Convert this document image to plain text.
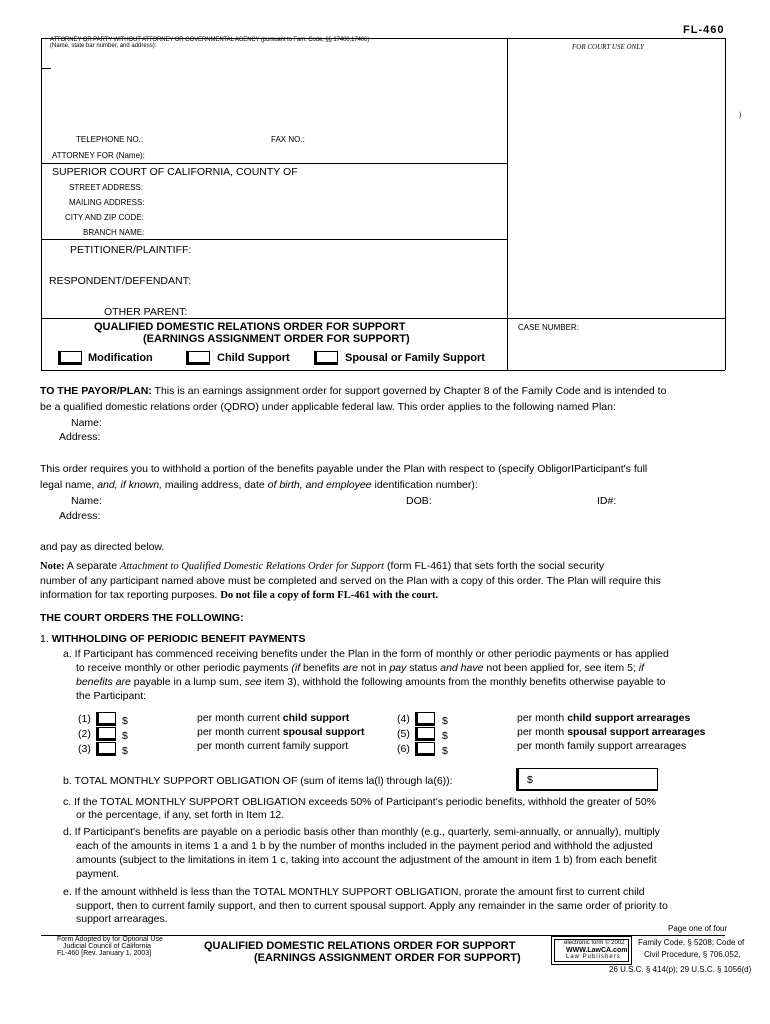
FL-460
ATTORNEY OR PARTY WITHOUT ATTORNEY OR GOVERNMENTAL AGENCY (pursuant to Fam. Code, §§ 17400,17406)
(Name, state bar number, and address):	FOR COURT USE ONLY
TELEPHONE NO.:	FAX NO.:
ATTORNEY FOR (Name):
)
SUPERIOR COURT OF CALIFORNIA, COUNTY OF
STREET ADDRESS:
MAILING ADDRESS:
CITY AND ZIP CODE:
BRANCH NAME:
PETITIONER/PLAINTIFF:
RESPONDENT/DEFENDANT:
OTHER PARENT:
QUALIFIED DOMESTIC RELATIONS ORDER FOR SUPPORT
(EARNINGS ASSIGNMENT ORDER FOR SUPPORT)
CASE NUMBER:
Modification	Child Support	Spousal or Family Support
TO THE PAYOR/PLAN: This is an earnings assignment order for support governed by Chapter 8 of the Family Code and is intended to
be a qualified domestic relations order (QDRO) under applicable federal law. This order applies to the following named Plan:
Name:
Address:
This order requires you to withhold a portion of the benefits payable under the Plan with respect to (specify ObligorIParticipant's full
legal name, and, if known, mailing address, date of birth, and employee identification number):
Name:	DOB:	ID#:
Address:
and pay as directed below.
Note: A separate Attachment to Qualified Domestic Relations Order for Support (form FL-461) that sets forth the social security
number of any participant named above must be completed and served on the Plan with a copy of this order. The Plan will require this
information for tax reporting purposes. Do not file a copy of form FL-461 with the court.
THE COURT ORDERS THE FOLLOWING:
1. WITHHOLDING OF PERIODIC BENEFIT PAYMENTS
a. If Participant has commenced receiving benefits under the Plan in the form of monthly or other periodic payments or has applied
to receive monthly or other periodic payments (if benefits are not in pay status and have not been applied for, see item 5; if
benefits are payable in a lump sum, see item 3), withhold the following amounts from the monthly benefits otherwise payable to
the Participant:
(1)	$	per month current child support
(2)	$	per month current spousal support
(3)	$	per month current family support
(4)	$	per month child support arrearages
(5)	$	per month spousal support arrearages
(6)	$	per month family support arrearages
b. TOTAL MONTHLY SUPPORT OBLIGATION OF (sum of items la(l) through la(6)):	$
c. If the TOTAL MONTHLY SUPPORT OBLIGATION exceeds 50% of Participant's periodic benefits, withhold the greater of 50%
or the percentage, if any, set forth in Item 12.
d. If Participant's benefits are payable on a periodic basis other than monthly (e.g., quarterly, semi-annually, or annually), multiply
each of the amounts in items 1 a and 1 b by the number of months included in the payment period and withhold the adjusted
amounts (subject to the limitations in item 1 c, taking into account the adjustment of the amount in item 1 b) from each benefit
payment.
e. If the amount withheld is less than the TOTAL MONTHLY SUPPORT OBLIGATION, prorate the amount first to current child
support, then to current family support, and then to current spousal support. Apply any remainder in the same order of priority to
support arrearages.
Page one of four
Form Adopted by for Optional Use
Judicial Council of California
FL-460 [Rev. January 1, 2003]
QUALIFIED DOMESTIC RELATIONS ORDER FOR SUPPORT
(EARNINGS ASSIGNMENT ORDER FOR SUPPORT)
electronic form © 2002
WWW.LawCA.com
Law Publishers
Family Code, § 5208; Code of
Civil Procedure, § 706.052,
26 U.S.C. § 414(p); 29 U.S.C. § 1056(d)
